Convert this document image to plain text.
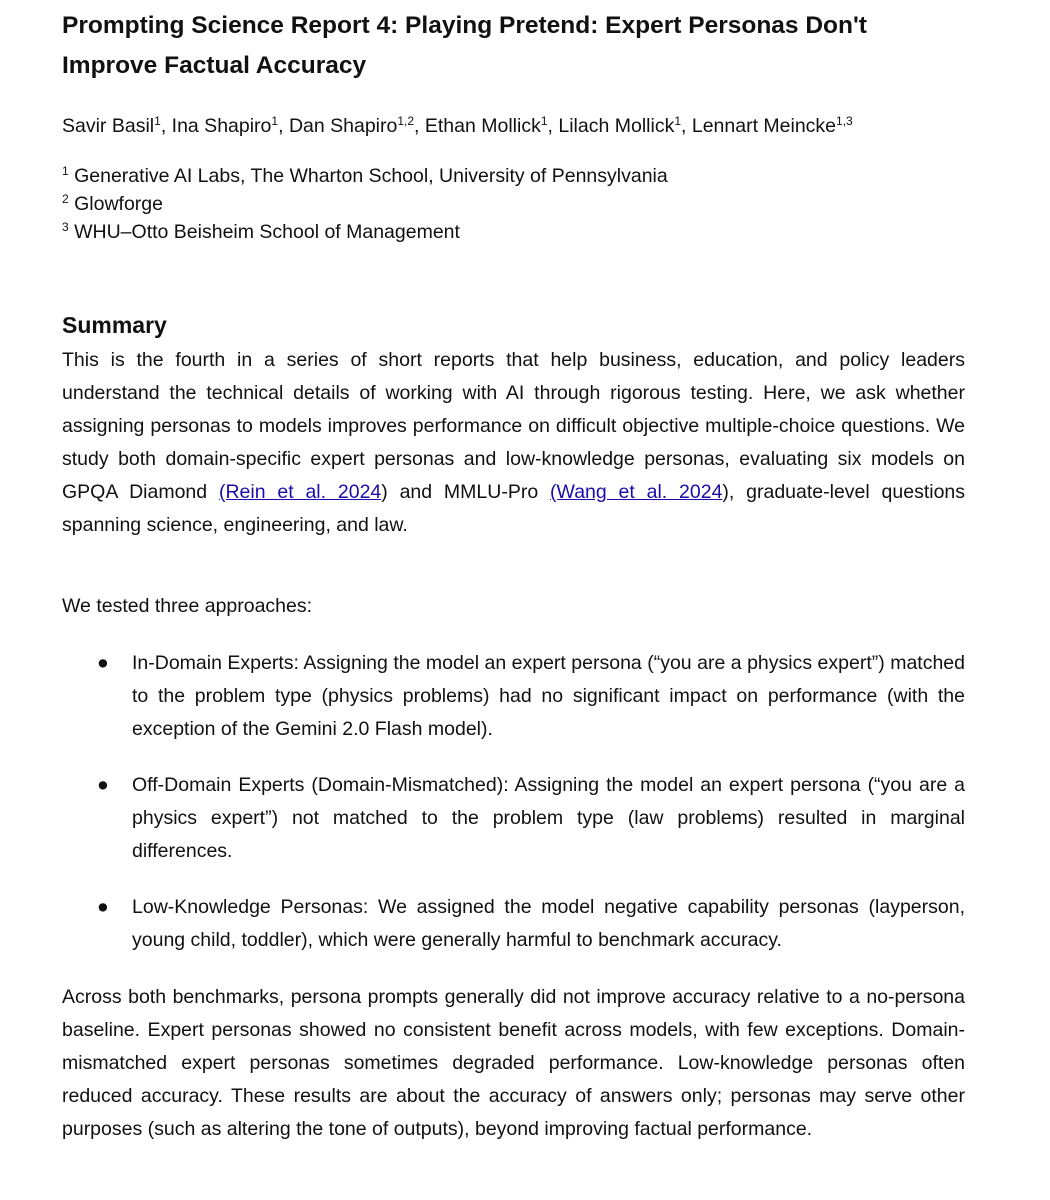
Prompting Science Report 4: Playing Pretend: Expert Personas Don't Improve Factual Accuracy
Savir Basil$^1$, Ina Shapiro$^1$, Dan Shapiro$^{1,2}$, Ethan Mollick$^1$, Lilach Mollick$^1$, Lennart Meincke$^{1,3}$
$^1$ Generative AI Labs, The Wharton School, University of Pennsylvania
$^2$ Glowforge
$^3$ WHU–Otto Beisheim School of Management
Summary

This is the fourth in a series of short reports that help business, education, and policy leaders understand the technical details of working with AI through rigorous testing. Here, we ask whether assigning personas to models improves performance on difficult objective multiple-choice questions. We study both domain-specific expert personas and low-knowledge personas, evaluating six models on GPQA Diamond (Rein et al. 2024) and MMLU-Pro (Wang et al. 2024), graduate-level questions spanning science, engineering, and law.

We tested three approaches:

● In-Domain Experts: Assigning the model an expert persona (“you are a physics expert”) matched to the problem type (physics problems) had no significant impact on performance (with the exception of the Gemini 2.0 Flash model).
● Off-Domain Experts (Domain-Mismatched): Assigning the model an expert persona (“you are a physics expert”) not matched to the problem type (law problems) resulted in marginal differences.
● Low-Knowledge Personas: We assigned the model negative capability personas (layperson, young child, toddler), which were generally harmful to benchmark accuracy.

Across both benchmarks, persona prompts generally did not improve accuracy relative to a no-persona baseline. Expert personas showed no consistent benefit across models, with few exceptions. Domain-mismatched expert personas sometimes degraded performance. Low-knowledge personas often reduced accuracy. These results are about the accuracy of answers only; personas may serve other purposes (such as altering the tone of outputs), beyond improving factual performance.
